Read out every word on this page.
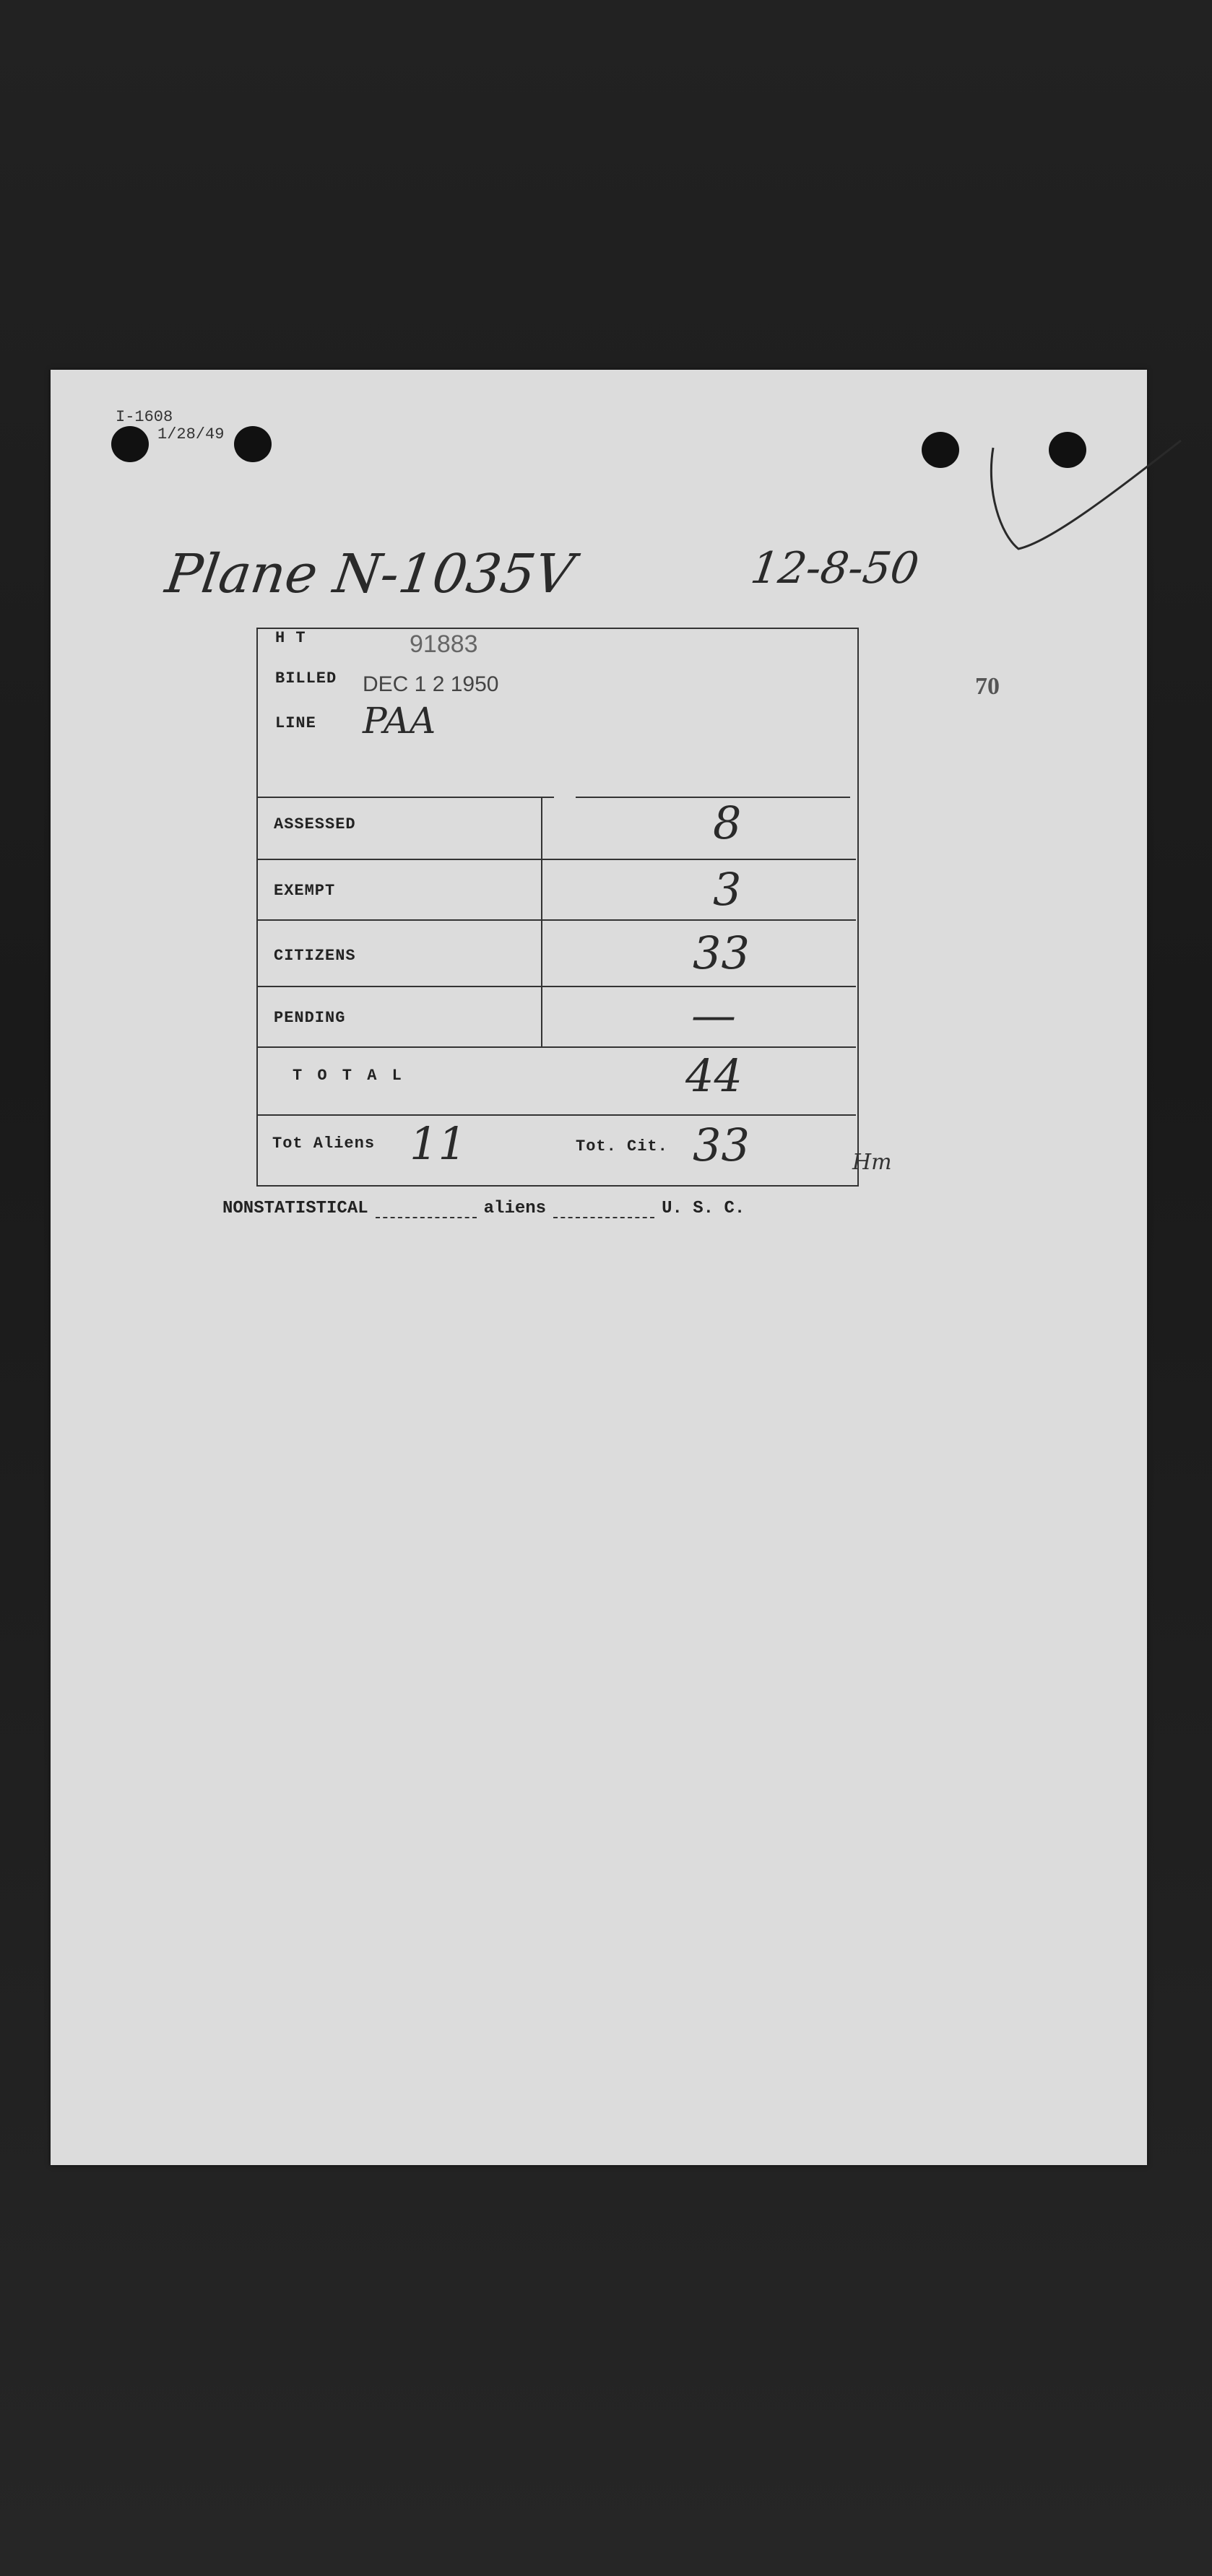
I-1608
1/28/49
Plane N-1035V	12-8-50
70
H T	91883
BILLED DEC 1 2 1950
LINE PAA
ASSESSED	8
EXEMPT	3
CITIZENS	33
PENDING	—
T O T A L	44
Tot Aliens 11	Tot. Cit. 33	Hm
NONSTATISTICAL	aliens	U. S. C.
